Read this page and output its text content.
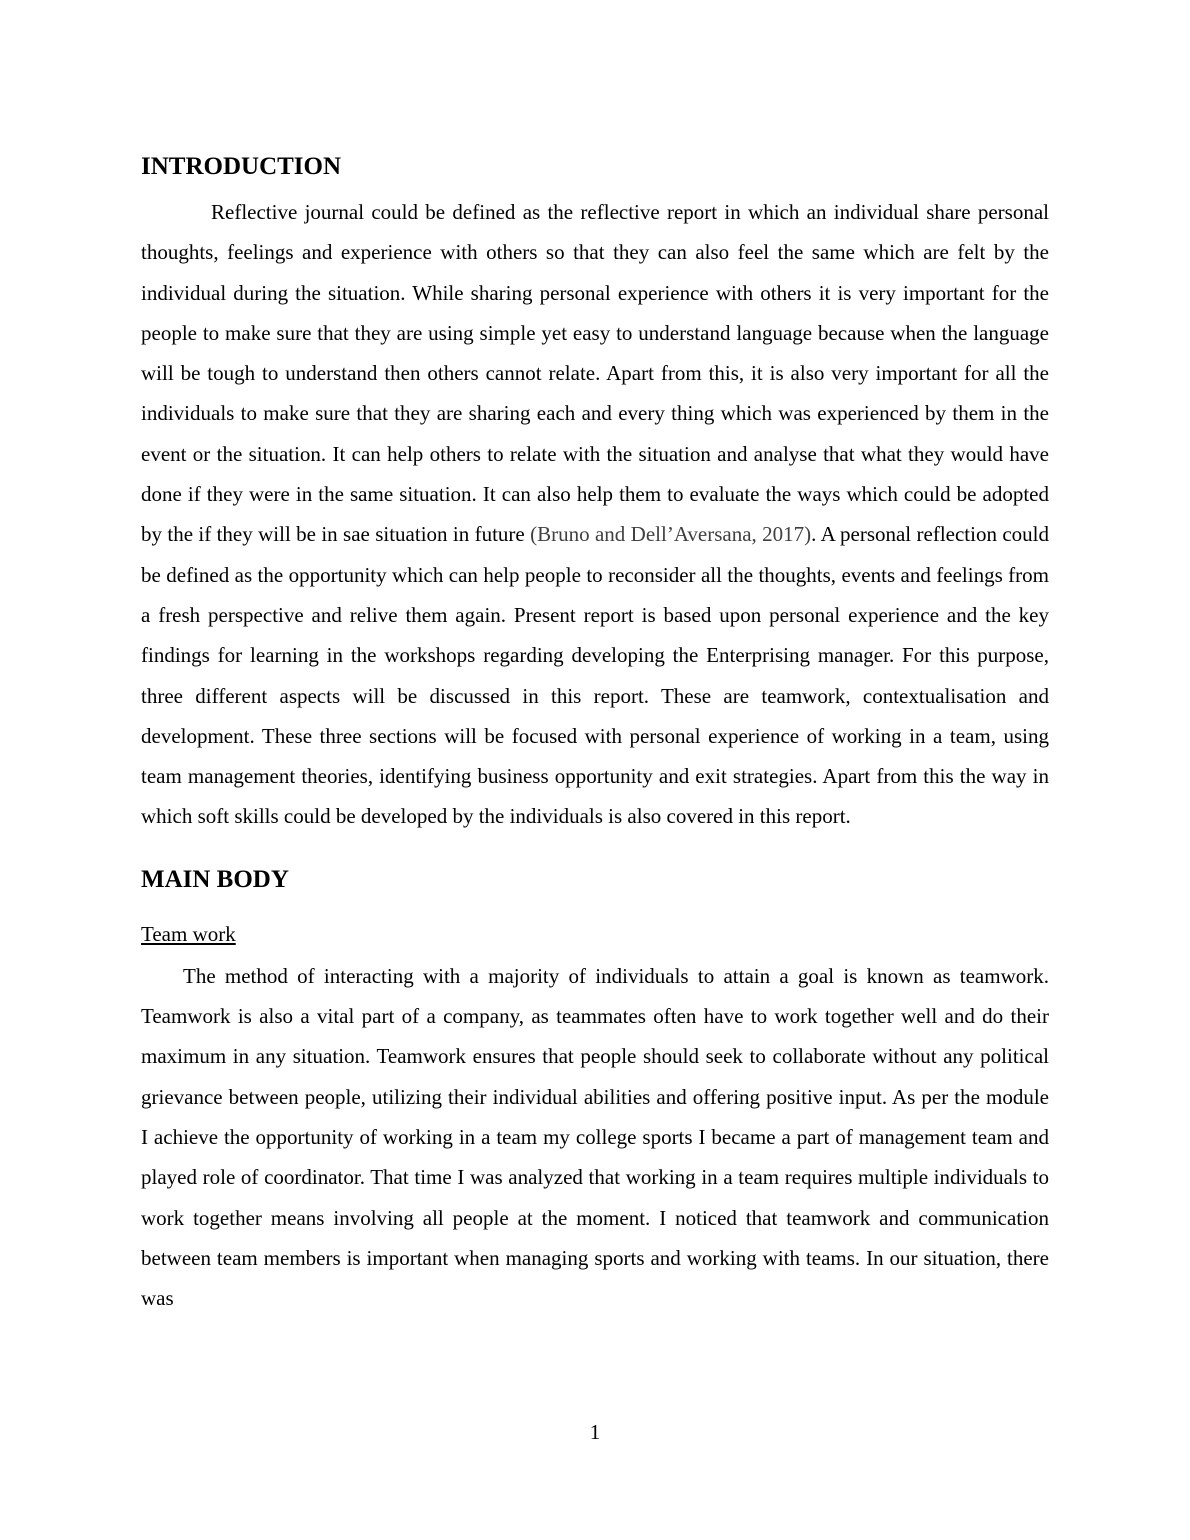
INTRODUCTION

Reflective journal could be defined as the reflective report in which an individual share personal thoughts, feelings and experience with others so that they can also feel the same which are felt by the individual during the situation. While sharing personal experience with others it is very important for the people to make sure that they are using simple yet easy to understand language because when the language will be tough to understand then others cannot relate. Apart from this, it is also very important for all the individuals to make sure that they are sharing each and every thing which was experienced by them in the event or the situation. It can help others to relate with the situation and analyse that what they would have done if they were in the same situation. It can also help them to evaluate the ways which could be adopted by the if they will be in sae situation in future (Bruno and Dell’Aversana, 2017). A personal reflection could be defined as the opportunity which can help people to reconsider all the thoughts, events and feelings from a fresh perspective and relive them again. Present report is based upon personal experience and the key findings for learning in the workshops regarding developing the Enterprising manager. For this purpose, three different aspects will be discussed in this report. These are teamwork, contextualisation and development. These three sections will be focused with personal experience of working in a team, using team management theories, identifying business opportunity and exit strategies. Apart from this the way in which soft skills could be developed by the individuals is also covered in this report.

MAIN BODY
Team work

The method of interacting with a majority of individuals to attain a goal is known as teamwork. Teamwork is also a vital part of a company, as teammates often have to work together well and do their maximum in any situation. Teamwork ensures that people should seek to collaborate without any political grievance between people, utilizing their individual abilities and offering positive input. As per the module I achieve the opportunity of working in a team my college sports I became a part of management team and played role of coordinator. That time I was analyzed that working in a team requires multiple individuals to work together means involving all people at the moment. I noticed that teamwork and communication between team members is important when managing sports and working with teams. In our situation, there was

1
